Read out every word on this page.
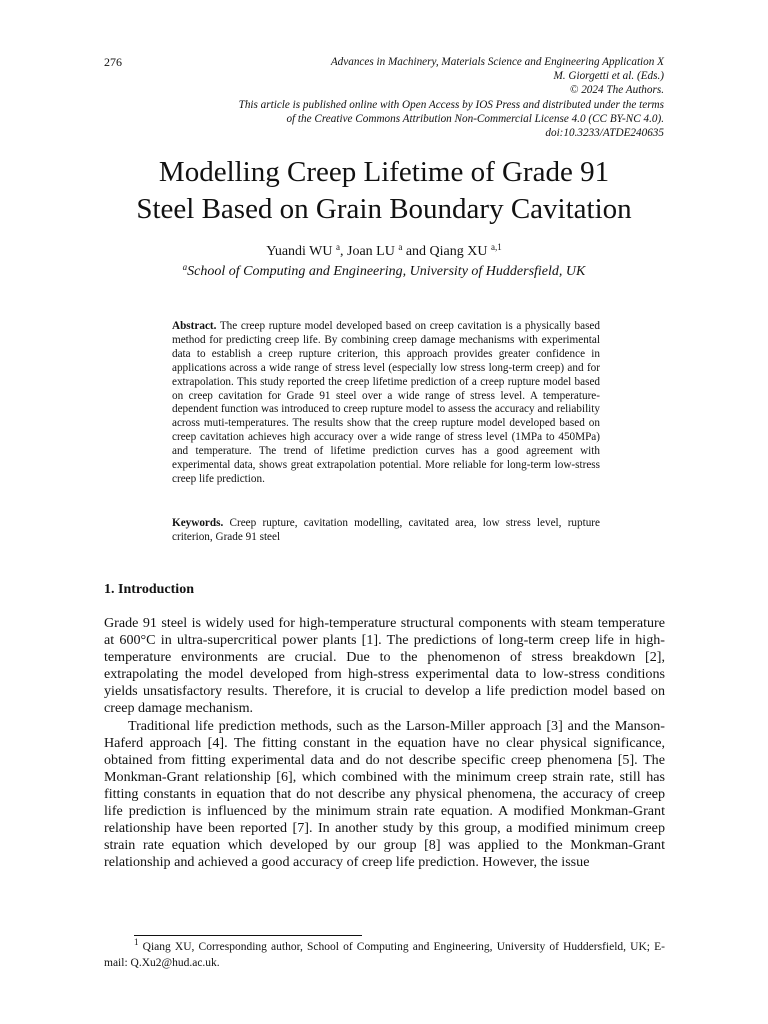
276	Advances in Machinery, Materials Science and Engineering Application X
M. Giorgetti et al. (Eds.)
© 2024 The Authors.
This article is published online with Open Access by IOS Press and distributed under the terms
of the Creative Commons Attribution Non-Commercial License 4.0 (CC BY-NC 4.0).
doi:10.3233/ATDE240635
Modelling Creep Lifetime of Grade 91
Steel Based on Grain Boundary Cavitation
Yuandi WU $^a$, Joan LU $^a$ and Qiang XU $^{a,1}$
$^a$School of Computing and Engineering, University of Huddersfield, UK
Abstract. The creep rupture model developed based on creep cavitation is a physically based method for predicting creep life. By combining creep damage mechanisms with experimental data to establish a creep rupture criterion, this approach provides greater confidence in applications across a wide range of stress level (especially low stress long-term creep) and for extrapolation. This study reported the creep lifetime prediction of a creep rupture model based on creep cavitation for Grade 91 steel over a wide range of stress level. A temperature-dependent function was introduced to creep rupture model to assess the accuracy and reliability across muti-temperatures. The results show that the creep rupture model developed based on creep cavitation achieves high accuracy over a wide range of stress level (1MPa to 450MPa) and temperature. The trend of lifetime prediction curves has a good agreement with experimental data, shows great extrapolation potential. More reliable for long-term low-stress creep life prediction.
Keywords. Creep rupture, cavitation modelling, cavitated area, low stress level, rupture criterion, Grade 91 steel
1. Introduction

Grade 91 steel is widely used for high-temperature structural components with steam temperature at 600°C in ultra-supercritical power plants [1]. The predictions of long-term creep life in high-temperature environments are crucial. Due to the phenomenon of stress breakdown [2], extrapolating the model developed from high-stress experimental data to low-stress conditions yields unsatisfactory results. Therefore, it is crucial to develop a life prediction model based on creep damage mechanism.

Traditional life prediction methods, such as the Larson-Miller approach [3] and the Manson-Haferd approach [4]. The fitting constant in the equation have no clear physical significance, obtained from fitting experimental data and do not describe specific creep phenomena [5]. The Monkman-Grant relationship [6], which combined with the minimum creep strain rate, still has fitting constants in equation that do not describe any physical phenomena, the accuracy of creep life prediction is influenced by the minimum strain rate equation. A modified Monkman-Grant relationship have been reported [7]. In another study by this group, a modified minimum creep strain rate equation which developed by our group [8] was applied to the Monkman-Grant relationship and achieved a good accuracy of creep life prediction. However, the issue

$^1$ Qiang XU, Corresponding author, School of Computing and Engineering, University of Huddersfield, UK; E-mail: Q.Xu2@hud.ac.uk.
